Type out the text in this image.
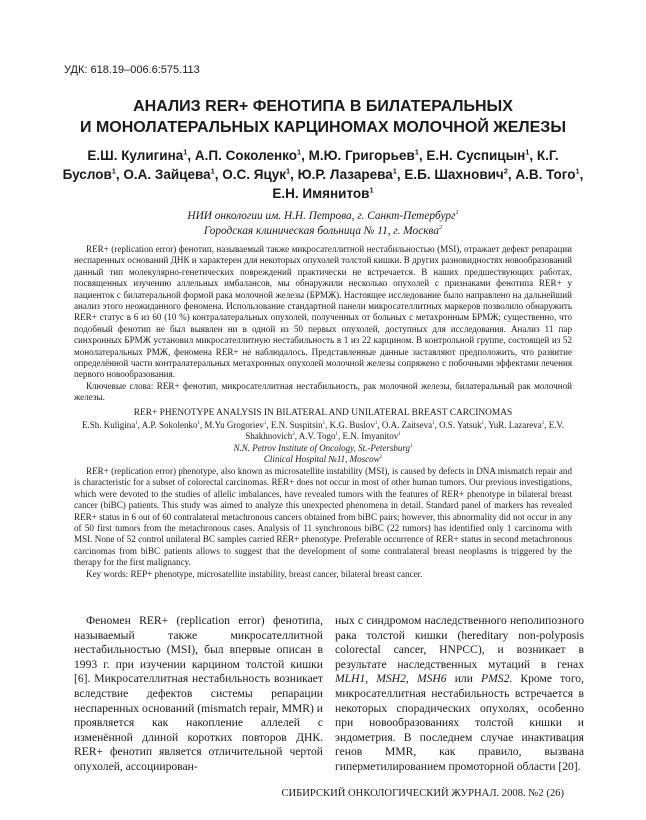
УДК: 618.19–006.6:575.113
АНАЛИЗ RER+ ФЕНОТИПА В БИЛАТЕРАЛЬНЫХ
И МОНОЛАТЕРАЛЬНЫХ КАРЦИНОМАХ МОЛОЧНОЙ ЖЕЛЕЗЫ
Е.Ш. Кулигина$^1$, А.П. Соколенко$^1$, М.Ю. Григорьев$^1$, Е.Н. Суспицын$^1$, К.Г. Буслов$^1$, О.А. Зайцева$^1$, О.С. Яцук$^1$, Ю.Р. Лазарева$^1$, Е.Б. Шахнович$^2$, А.В. Того$^1$, Е.Н. Имянитов$^1$
НИИ онкологии им. Н.Н. Петрова, г. Санкт-Петербург$^1$
Городская клиническая больница № 11, г. Москва$^2$

RER+ (replication error) фенотип, называемый также микросателлитной нестабильностью (MSI), отражает дефект репарации неспаренных оснований ДНК и характерен для некоторых опухолей толстой кишки. В других разновидностях новообразований данный тип молекулярно-генетических повреждений практически не встречается. В наших предшествующих работах, посвященных изучению аллельных имбалансов, мы обнаружили несколько опухолей с признаками фенотипа RER+ у пациенток с билатеральной формой рака молочной железы (БРМЖ). Настоящее исследование было направлено на дальнейший анализ этого неожиданного феномена. Использование стандартной панели микросателлитных маркеров позволило обнаружить RER+ статус в 6 из 60 (10 %) контралатеральных опухолей, полученных от больных с метахронным БРМЖ; существенно, что подобный фенотип не был выявлен ни в одной из 50 первых опухолей, доступных для исследования. Анализ 11 пар синхронных БРМЖ установил микросателлитную нестабильность в 1 из 22 карцином. В контрольной группе, состоящей из 52 монолатеральных РМЖ, феномена RER+ не наблюдалось. Представленные данные заставляют предположить, что развитие определённой части контралатеральных метахронных опухолей молочной железы сопряжено с побочными эффектами лечения первого новообразования.

Ключевые слова: RER+ фенотип, микросателлитная нестабильность, рак молочной железы, билатеральный рак молочной железы.

RER+ PHENOTYPE ANALYSIS IN BILATERAL AND UNILATERAL BREAST CARCINOMAS
E.Sh. Kuligina$^1$, A.P. Sokolenko$^1$, M.Yu Grogoriev$^1$, E.N. Suspitsin$^1$, K.G. Buslov$^1$, O.A. Zaitseva$^1$, O.S. Yatsuk$^1$, YuR. Lazareva$^1$, E.V. Shakhnovich$^2$, A.V. Togo$^1$, E.N. Imyanitov$^1$
N.N. Petrov Institute of Oncology, St.-Petersburg$^1$
Clinical Hospital №11, Moscow$^2$

RER+ (replication error) phenotype, also known as microsatellite instability (MSI), is caused by defects in DNA mismatch repair and is characteristic for a subset of colorectal carcinomas. RER+ does not occur in most of other human tumors. Our previous investigations, which were devoted to the studies of allelic imbalances, have revealed tumors with the features of RER+ phenotype in bilateral breast cancer (biBC) patients. This study was aimed to analyze this unexpected phenomena in detail. Standard panel of markers has revealed RER+ status in 6 out of 60 contralateral metachronous cancers obtained from biBC pairs; however, this abnormality did not occur in any of 50 first tumors from the metachronous cases. Analysis of 11 synchronous biBC (22 tumors) has identified only 1 carcinoma with MSI. None of 52 control unilateral BC samples carried RER+ phenotype. Preferable occurrence of RER+ status in second metachronous carcinomas from biBC patients allows to suggest that the development of some contralateral breast neoplasms is triggered by the therapy for the first malignancy.

Key words: REP+ phenotype, microsatellite instability, breast cancer, bilateral breast cancer.

Феномен RER+ (replication error) фенотипа, называемый также микросателлитной нестабильностью (MSI), был впервые описан в 1993 г. при изучении карцином толстой кишки [6]. Микросателлитная нестабильность возникает вследствие дефектов системы репарации неспаренных оснований (mismatch repair, MMR) и проявляется как накопление аллелей с изменённой длиной коротких повторов ДНК. RER+ фенотип является отличительной чертой опухолей, ассоциирован-

ных с синдромом наследственного неполипозного рака толстой кишки (hereditary non-polyposis colorectal cancer, HNPCC), и возникает в результате наследственных мутаций в генах MLH1, MSH2, MSH6 или PMS2. Кроме того, микросателлитная нестабильность встречается в некоторых спорадических опухолях, особенно при новообразованиях толстой кишки и эндометрия. В последнем случае инактивация генов MMR, как правило, вызвана гиперметилированием промоторной области [20].

СИБИРСКИЙ ОНКОЛОГИЧЕСКИЙ ЖУРНАЛ. 2008. №2 (26)
